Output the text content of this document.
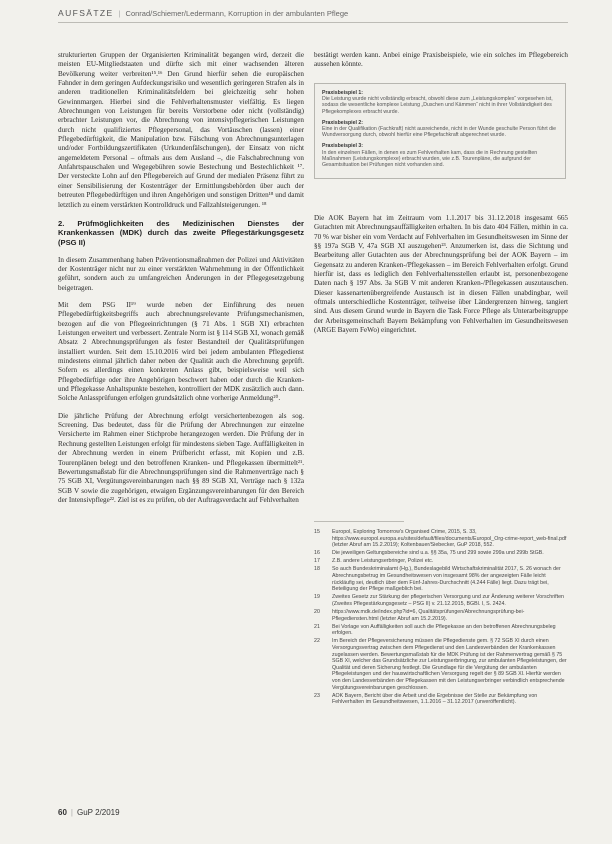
AUFSÄTZE | Conrad/Schiemer/Ledermann, Korruption in der ambulanten Pflege

strukturierten Gruppen der Organisierten Kriminalität begangen wird, derzeit die meisten EU-Mitgliedstaaten und dürfte sich mit einer wachsenden älteren Bevölkerung weiter verbreiten¹⁵.¹⁶ Den Grund hierfür sehen die europäischen Fahnder in dem geringen Aufdeckungsrisiko und wesentlich geringeren Strafen als in anderen traditionellen Kriminalitätsfeldern bei gleichzeitig sehr hohen Gewinnmargen. Hierbei sind die Fehlverhaltensmuster vielfältig. Es liegen Abrechnungen von Leistungen für bereits Verstorbene oder nicht (vollständig) erbrachter Leistungen vor, die Abrechnung von intensivpflegerischen Leistungen durch nicht qualifiziertes Pflegepersonal, das Vortäuschen (lassen) einer Pflegebedürftigkeit, die Manipulation bzw. Fälschung von Abrechnungsunterlagen und/oder Fortbildungszertifikaten (Urkundenfälschungen), der Einsatz von nicht angemeldetem Personal – oftmals aus dem Ausland –, die Falschabrechnung von Anfahrtspauschalen und Wegegebühren sowie Bestechung und Bestechlichkeit ¹⁷. Der versteckte Lohn auf den Pflegebereich auf Grund der medialen Präsenz führt zu einer Sensibilisierung der Kostenträger der Ermittlungsbehörden über auch der betreuten Pflegebedürftigen und ihren Angehörigen und sonstigen Dritten¹⁸ und damit letztlich zu einem verstärkten Kontrolldruck und Fallzahlsteigerungen. ¹⁸

2. Prüfmöglichkeiten des Medizinischen Dienstes der Krankenkassen (MDK) durch das zweite Pflegestärkungsgesetz (PSG II)

In diesem Zusammenhang haben Präventionsmaßnahmen der Polizei und Aktivitäten der Kostenträger nicht nur zu einer verstärkten Wahrnehmung in der Öffentlichkeit geführt, sondern auch zu umfangreichen Änderungen in der Pflegegesetzgebung beigetragen.

Mit dem PSG II¹⁹ wurde neben der Einführung des neuen Pflegebedürftigkeitsbegriffs auch abrechnungsrelevante Prüfungsmechanismen, bezogen auf die von Pflegeeinrichtungen (§ 71 Abs. 1 SGB XI) erbrachten Leistungen erweitert und verbessert. Zentrale Norm ist § 114 SGB XI, wonach gemäß Absatz 2 Abrechnungsprüfungen als fester Bestandteil der Qualitätsprüfungen installiert wurden. Seit dem 15.10.2016 wird bei jedem ambulanten Pflegedienst mindestens einmal jährlich daher neben der Qualität auch die Abrechnung geprüft. Sofern es allerdings einen konkreten Anlass gibt, beispielsweise weil sich Pflegebedürftige oder ihre Angehörigen beschwert haben oder durch die Kranken- und Pflegekasse Anhaltspunkte bestehen, kontrolliert der MDK zusätzlich auch dann. Solche Anlassprüfungen erfolgen grundsätzlich ohne vorherige Anmeldung²⁰.

Die jährliche Prüfung der Abrechnung erfolgt versichertenbezogen als sog. Screening. Das bedeutet, dass für die Prüfung der Abrechnungen zur einzelne Versicherte im Rahmen einer Stichprobe herangezogen werden. Die Prüfung der in Rechnung gestellten Leistungen erfolgt für mindestens sieben Tage. Auffälligkeiten in der Abrechnung werden in einem Prüfbericht erfasst, mit Kopien und z.B. Tourenplänen belegt und den betroffenen Kranken- und Pflegekassen übermittelt²¹. Bewertungsmaßstab für die Abrechnungsprüfungen sind die Rahmenverträge nach § 75 SGB XI, Vergütungsvereinbarungen nach §§ 89 SGB XI, Verträge nach § 132a SGB V sowie die zugehörigen, etwaigen Ergänzungsvereinbarungen für den Bereich der Intensivpflege²². Ziel ist es zu prüfen, ob der Auftragsverdacht auf Fehlverhalten

bestätigt werden kann. Anbei einige Praxisbeispiele, wie ein solches im Pflegebereich aussehen könnte.

Praxisbeispiel 1:
Die Leistung wurde nicht vollständig erbracht, obwohl diese zum „Leistungskomplex“ vorgesehen ist, sodass die wesentliche komplexe Leistung „Duschen und Kämmen“ nicht in ihrer Vollständigkeit des Pflegekomplexes erbracht wurde.
Praxisbeispiel 2:
Eine in der Qualifikation (Fachkraft) nicht ausreichende, nicht in der Wunde geschulte Person führt die Wundversorgung durch, obwohl hierfür eine Pflegefachkraft abgerechnet wurde.
Praxisbeispiel 3:
In den einzelnen Fällen, in denen es zum Fehlverhalten kam, dass die in Rechnung gestellten Maßnahmen (Leistungskomplexe) erbracht wurden, wie z.B. Tourenpläne, die aufgrund der Gesamtsituation bei Prüfungen nicht vorhanden sind.

Die AOK Bayern hat im Zeitraum vom 1.1.2017 bis 31.12.2018 insgesamt 665 Gutachten mit Abrechnungsauffälligkeiten erhalten. In bis dato 404 Fällen, mithin in ca. 70 % war bisher ein vom Verdacht auf Fehlverhalten im Gesundheitswesen im Sinne der §§ 197a SGB V, 47a SGB XI auszugehen²³. Anzumerken ist, dass die Sichtung und Bearbeitung aller Gutachten aus der Abrechnungsprüfung bei der AOK Bayern – im Gegensatz zu anderen Kranken-/Pflegekassen – im Bereich Fehlverhalten erfolgt. Grund hierfür ist, dass es lediglich den Fehlverhaltensstellen erlaubt ist, personenbezogene Daten nach § 197 Abs. 3a SGB V mit anderen Kranken-/Pflegekassen auszutauschen. Dieser kassenartenübergreifende Austausch ist in diesen Fällen unabdingbar, weil oftmals unterschiedliche Kostenträger, teilweise über Ländergrenzen hinweg, tangiert sind. Aus diesem Grund wurde in Bayern die Task Force Pflege als Unterarbeitsgruppe der Arbeitsgemeinschaft Bayern Bekämpfung von Fehlverhalten im Gesundheitswesen (ARGE Bayern FeWo) eingerichtet.

15	Europol, Exploring Tomorrow's Organised Crime, 2015, S. 33, https://www.europol.europa.eu/sites/default/files/documents/Europol_Org-crime-report_web-final.pdf (letzter Abruf am 15.2.2019); Koltenbauer/Siebecker, GuP 2018, 552.
16	Die jeweiligen Geltungsbereiche sind u.a. §§ 35a, 75 und 299 sowie 299a und 299b StGB.
17	Z.B. andere Leistungserbringer, Polizei etc.
18	So auch Bundeskriminalamt (Hg.), Bundeslagebild Wirtschaftskriminalität 2017, S. 26 wonach der Abrechnungsbetrug im Gesundheitswesen von insgesamt 98% der angezeigten Fälle leicht rückläufig sei, deutlich über dem Fünf-Jahres-Durchschnitt (4.244 Fälle) liegt. Dazu trägt bei, Beteiligung der Pflege maßgeblich bei.
19	Zweites Gesetz zur Stärkung der pflegerischen Versorgung und zur Änderung weiterer Vorschriften (Zweites Pflegestärkungsgesetz – PSG II) v. 21.12.2015, BGBl. I, S. 2424.
20	https://www.mdk.de/index.php?id=6, Qualitätsprüfungen/Abrechnungsprüfung-bei-Pflegediensten.html (letzter Abruf am 15.2.2019).
21	Bei Vorlage von Auffälligkeiten soll auch die Pflegekasse an den betroffenen Abrechnungsbeleg erfolgen.
22	Im Bereich der Pflegeversicherung müssen die Pflegedienste gem. § 72 SGB XI durch einen Versorgungsvertrag zwischen dem Pflegedienst und den Landesverbänden der Krankenkassen zugelassen werden. Bewertungsmaßstab für die MDK Prüfung ist der Rahmenvertrag gemäß § 75 SGB XI, welcher das Grundsätzliche zur Leistungserbringung, zur ambulanten Pflegeleistungen, der Qualität und deren Sicherung festlegt. Die Grundlage für die Vergütung der ambulanten Pflegeleistungen und der hauswirtschaftlichen Versorgung regelt der § 89 SGB XI. Hierfür werden von den Landesverbänden der Pflegekassen mit den Leistungserbringer verbindlich entsprechende Vergütungsvereinbarungen geschlossen.
23	AOK Bayern, Bericht über die Arbeit und die Ergebnisse der Stelle zur Bekämpfung von Fehlverhalten im Gesundheitswesen, 1.1.2016 – 31.12.2017 (unveröffentlicht).
60 | GuP 2/2019
